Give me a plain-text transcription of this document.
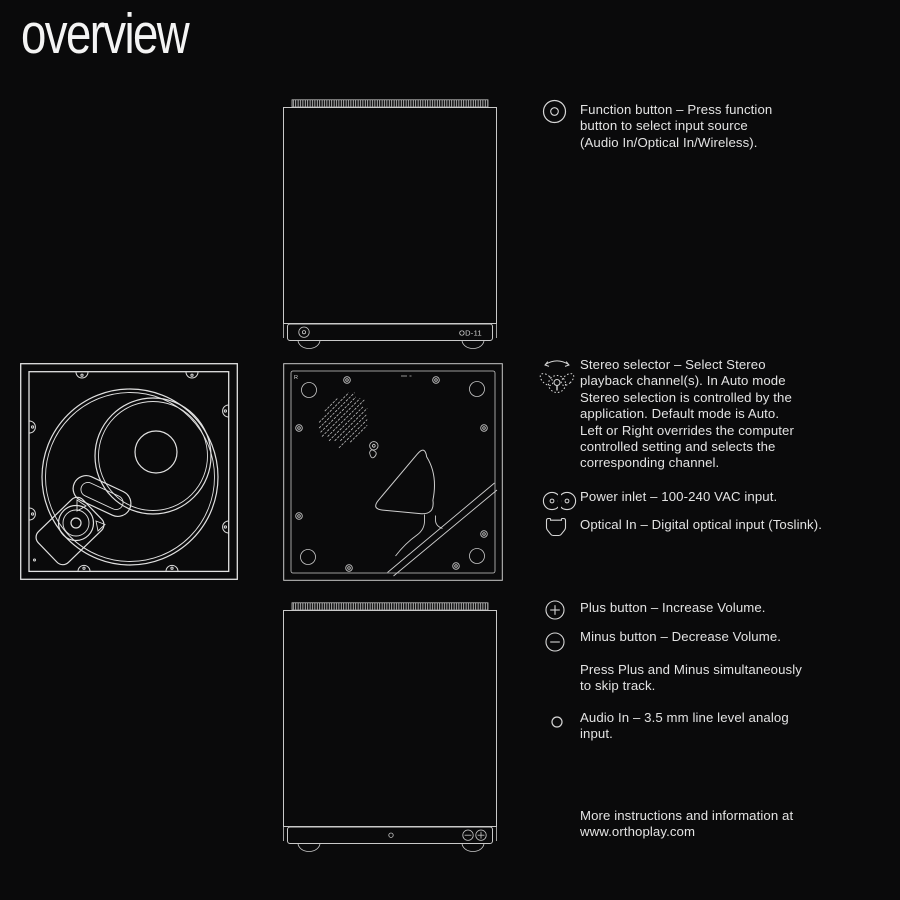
overview
OD-11
R
Function button – Press function
button to select input source
(Audio In/Optical In/Wireless).
Stereo selector – Select Stereo
playback channel(s). In Auto mode
Stereo selection is controlled by the
application. Default mode is Auto.
Left or Right overrides the computer
controlled setting and selects the
corresponding channel.
Power inlet – 100-240 VAC input.
Optical In – Digital optical input (Toslink).
Plus button – Increase Volume.
Minus button – Decrease Volume.
Press Plus and Minus simultaneously
to skip track.
Audio In – 3.5 mm line level analog
input.
More instructions and information at
www.orthoplay.com
